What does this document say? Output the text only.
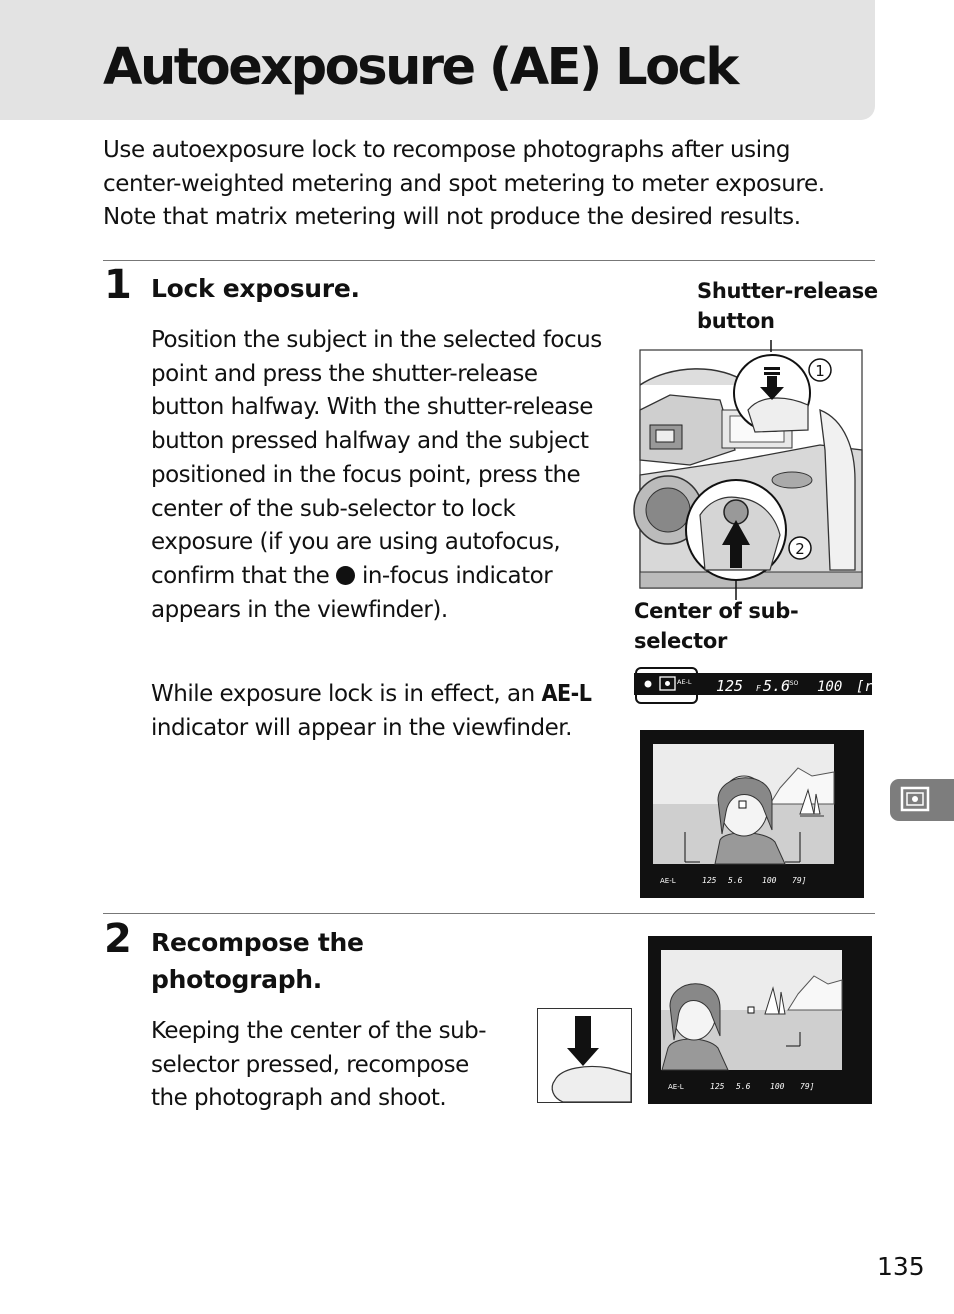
Autoexposure (AE) Lock

Use autoexposure lock to recompose photographs after using center-weighted metering and spot metering to meter exposure. Note that matrix metering will not produce the desired results.

1 Lock exposure.

Position the subject in the selected focus point and press the shutter-release button halfway. With the shutter-release button pressed halfway and the subject positioned in the focus point, press the center of the sub-selector to lock exposure (if you are using autofocus, confirm that the in-focus indicator appears in the viewfinder).

While exposure lock is in effect, an AE-L indicator will appear in the viewfinder.

Shutter-release
button

1
2

Center of sub-
selector

AE-L 125 F 5.6
ISO 100 [r
AE-L	125 5.6 100 79]
2 Recompose the
photograph.

Keeping the center of the sub-
selector pressed, recompose
the photograph and shoot.	AE-L	125 5.6 100 79]
135
